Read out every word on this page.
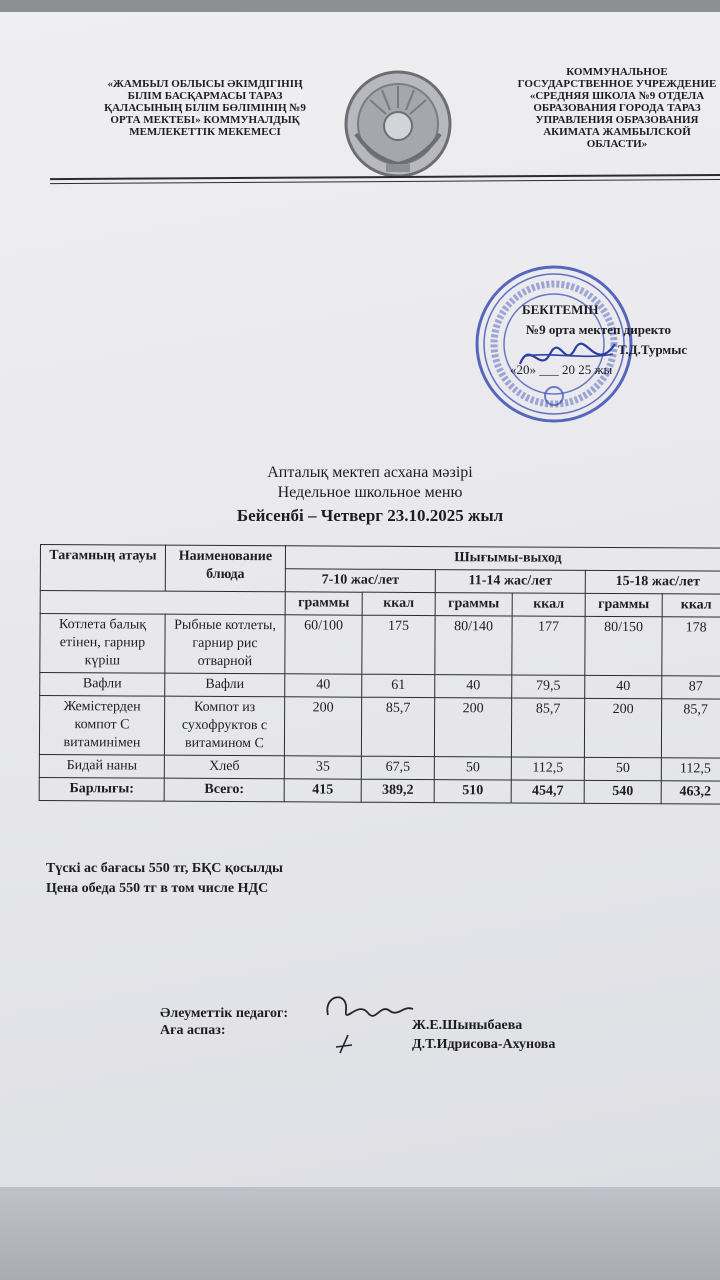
«ЖАМБЫЛ ОБЛЫСЫ ӘКІМДІГІНІҢ
БІЛІМ БАСҚАРМАСЫ ТАРАЗ
ҚАЛАСЫНЫҢ БІЛІМ БӨЛІМІНІҢ №9
ОРТА МЕКТЕБІ» КОММУНАЛДЫҚ
МЕМЛЕКЕТТІК МЕКЕМЕСІ
КОММУНАЛЬНОЕ
ГОСУДАРСТВЕННОЕ УЧРЕЖДЕНИЕ
«СРЕДНЯЯ ШКОЛА №9 ОТДЕЛА
ОБРАЗОВАНИЯ ГОРОДА ТАРАЗ
УПРАВЛЕНИЯ ОБРАЗОВАНИЯ
АКИМАТА ЖАМБЫЛСКОЙ
ОБЛАСТИ»
БЕКІТЕМІН
№9 орта мектеп директо
Т.Д.Турмыс
«20» ___ 20 25 жы
Апталық мектеп асхана мәзірі
Недельное школьное меню
Бейсенбі – Четверг 23.10.2025 жыл
Тағамның атауы	Наименование блюда	Шығымы-выход					
		7-10 жас/лет		11-14 жас/лет		15-18 жас/лет	
		граммы	ккал	граммы	ккал	граммы	ккал
Котлета балық етінен, гарнир күріш	Рыбные котлеты, гарнир рис отварной	60/100	175	80/140	177	80/150	178
Вафли	Вафли	40	61	40	79,5	40	87
Жемістерден компот С витаминімен	Компот из сухофруктов с витамином С	200	85,7	200	85,7	200	85,7
Бидай наны	Хлеб	35	67,5	50	112,5	50	112,5
Барлығы:	Всего:	415	389,2	510	454,7	540	463,2
Түскі ас бағасы 550 тг, БҚС қосылды
Цена обеда 550 тг в том числе НДС
Әлеуметтік педагог:
Аға аспаз:	Ж.Е.Шыныбаева
Д.Т.Идрисова-Ахунова
